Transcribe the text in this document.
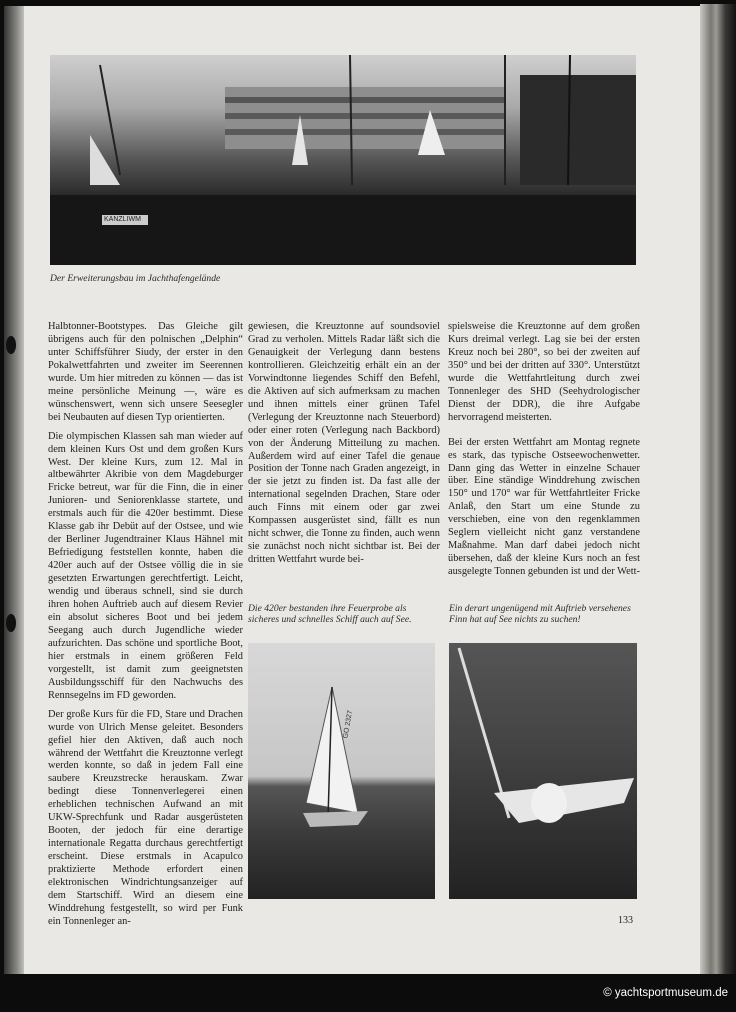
KANZLIWM
Der Erweiterungsbau im Jachthafengelände

Halbtonner-Bootstypes. Das Gleiche gilt übrigens auch für den polnischen „Delphin“ unter Schiffsführer Siudy, der erster in den Pokalwettfahrten und zweiter im Seerennen wurde. Um hier mitreden zu können — das ist meine persönliche Meinung —, wäre es wünschenswert, wenn sich unsere Seesegler bei Neubauten auf diesen Typ orientierten.

Die olympischen Klassen sah man wieder auf dem kleinen Kurs Ost und dem großen Kurs West. Der kleine Kurs, zum 12. Mal in altbewährter Akribie von dem Magdeburger Fricke betreut, war für die Finn, die in einer Junioren- und Seniorenklasse startete, und erstmals auch für die 420er bestimmt. Diese Klasse gab ihr Debüt auf der Ostsee, und wie der Berliner Jugendtrainer Klaus Hähnel mit Befriedigung feststellen konnte, haben die 420er auch auf der Ostsee völlig die in sie gesetzten Erwartungen gerechtfertigt. Leicht, wendig und überaus schnell, sind sie durch ihren hohen Auftrieb auch auf diesem Revier ein absolut sicheres Boot und bei jedem Seegang auch durch Jugendliche wieder aufzurichten. Das schöne und sportliche Boot, hier erstmals in einem größeren Feld vorgestellt, ist damit zum geeignetsten Ausbildungsschiff für den Nachwuchs des Rennsegelns im FD geworden.

Der große Kurs für die FD, Stare und Drachen wurde von Ulrich Mense geleitet. Besonders gefiel hier den Aktiven, daß auch noch während der Wettfahrt die Kreuztonne verlegt werden konnte, so daß in jedem Fall eine saubere Kreuzstrecke herauskam. Zwar bedingt diese Tonnenverlegerei einen erheblichen technischen Aufwand an mit UKW-Sprechfunk und Radar ausgerüsteten Booten, der jedoch für eine derartige internationale Regatta durchaus gerechtfertigt erscheint. Diese erstmals in Acapulco praktizierte Methode erfordert einen elektronischen Windrichtungsanzeiger auf dem Startschiff. Wird an diesem eine Winddrehung festgestellt, so wird per Funk ein Tonnenleger an-

gewiesen, die Kreuztonne auf soundsoviel Grad zu verholen. Mittels Radar läßt sich die Genauigkeit der Verlegung dann bestens kontrollieren. Gleichzeitig erhält ein an der Vorwindtonne liegendes Schiff den Befehl, die Aktiven auf sich aufmerksam zu machen und ihnen mittels einer grünen Tafel (Verlegung der Kreuztonne nach Steuerbord) oder einer roten (Verlegung nach Backbord) von der Änderung Mitteilung zu machen. Außerdem wird auf einer Tafel die genaue Position der Tonne nach Graden angezeigt, in der sie jetzt zu finden ist. Da fast alle der international segelnden Drachen, Stare oder auch Finns mit einem oder gar zwei Kompassen ausgerüstet sind, fällt es nun nicht schwer, die Tonne zu finden, auch wenn sie zunächst noch nicht sichtbar ist. Bei der dritten Wettfahrt wurde bei-

spielsweise die Kreuztonne auf dem großen Kurs dreimal verlegt. Lag sie bei der ersten Kreuz noch bei 280°, so bei der zweiten auf 350° und bei der dritten auf 330°. Unterstützt wurde die Wettfahrtleitung durch zwei Tonnenleger des SHD (Seehydrologischer Dienst der DDR), die ihre Aufgabe hervorragend meisterten.

Bei der ersten Wettfahrt am Montag regnete es stark, das typische Ostseewochenwetter. Dann ging das Wetter in einzelne Schauer über. Eine ständige Winddrehung zwischen 150° und 170° war für Wettfahrtleiter Fricke Anlaß, den Start um eine Stunde zu verschieben, eine von den regenklammen Seglern vielleicht nicht ganz verstandene Maßnahme. Man darf dabei jedoch nicht übersehen, daß der kleine Kurs noch an fest ausgelegte Tonnen gebunden ist und der Wett-

Die 420er bestanden ihre Feuerprobe als sicheres und schnelles Schiff auch auf See.
Ein derart ungenügend mit Auftrieb versehenes Finn hat auf See nichts zu suchen!
GO 2327
133
© yachtsportmuseum.de
